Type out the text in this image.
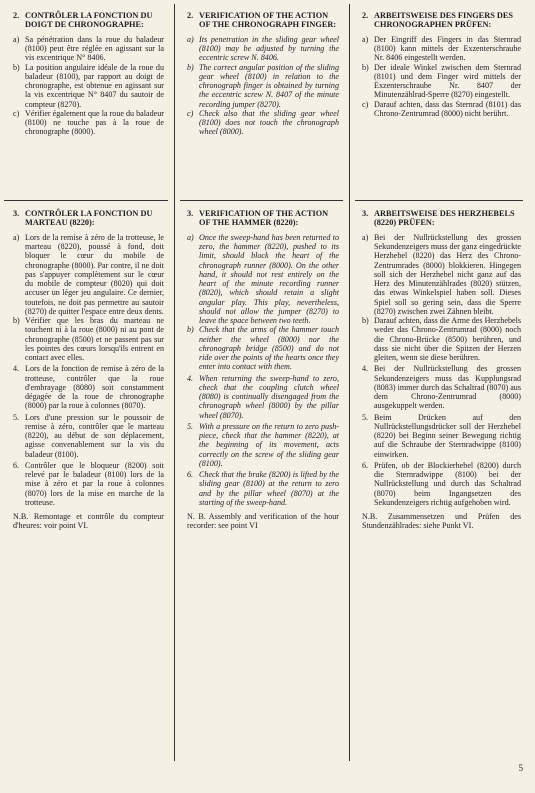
2. CONTRÔLER LA FONCTION DU DOIGT DE CHRONOGRAPHE:
a) Sa pénétration dans la roue du baladeur (8100) peut être réglée en agissant sur la vis excentrique N° 8406.
b) La position angulaire idéale de la roue du baladeur (8100), par rapport au doigt de chronographe, est obtenue en agissant sur la vis excentrique N° 8407 du sautoir de compteur (8270).
c) Vérifier également que la roue du baladeur (8100) ne touche pas à la roue de chronographe (8000).
3. CONTRÔLER LA FONCTION DU MARTEAU (8220):
a) Lors de la remise à zéro de la trotteuse, le marteau (8220), poussé à fond, doit bloquer le cœur du mobile de chronographe (8000). Par contre, il ne doit pas s'appuyer complètement sur le cœur du mobile de compteur (8020) qui doit accuser un léger jeu angulaire. Ce dernier, toutefois, ne doit pas permettre au sautoir (8270) de quitter l'espace entre deux dents.
b) Vérifier que les bras du marteau ne touchent ni à la roue (8000) ni au pont de chronographe (8500) et ne passent pas sur les pointes des cœurs lorsqu'ils entrent en contact avec elles.
4. Lors de la fonction de remise à zéro de la trotteuse, contrôler que la roue d'embrayage (8080) soit constamment dégagée de la roue de chronographe (8000) par la roue à colonnes (8070).
5. Lors d'une pression sur le poussoir de remise à zéro, contrôler que le marteau (8220), au début de son déplacement, agisse convenablement sur la vis du baladeur (8100).
6. Contrôler que le bloqueur (8200) soit relevé par le baladeur (8100) lors de la mise à zéro et par la roue à colonnes (8070) lors de la mise en marche de la trotteuse.
N.B. Remontage et contrôle du compteur d'heures: voir point VI.
2. VERIFICATION OF THE ACTION OF THE CHRONOGRAPH FINGER:
a) Its penetration in the sliding gear wheel (8100) may be adjusted by turning the eccentric screw N. 8406.
b) The correct angular position of the sliding gear wheel (8100) in relation to the chronograph finger is obtained by turning the eccentric screw N. 8407 of the minute recording jumper (8270).
c) Check also that the sliding gear wheel (8100) does not touch the chronograph wheel (8000).
3. VERIFICATION OF THE ACTION OF THE HAMMER (8220):
a) Once the sweep-hand has been returned to zero, the hammer (8220), pushed to its limit, should block the heart of the chronograph runner (8000). On the other hand, it should not rest entirely on the heart of the minute recording runner (8020), which should retain a slight angular play. This play, nevertheless, should not allow the jumper (8270) to leave the space between two teeth.
b) Check that the arms of the hammer touch neither the wheel (8000) nor the chronograph bridge (8500) and do not ride over the points of the hearts once they enter into contact with them.
4. When returning the sweep-hand to zero, check that the coupling clutch wheel (8080) is continually disengaged from the chronograph wheel (8000) by the pillar wheel (8070).
5. With a pressure on the return to zero push-piece, check that the hammer (8220), at the beginning of its movement, acts correctly on the screw of the sliding gear (8100).
6. Check that the brake (8200) is lifted by the sliding gear (8100) at the return to zero and by the pillar wheel (8070) at the starting of the sweep-hand.
N. B. Assembly and verification of the hour recorder: see point VI
2. ARBEITSWEISE DES FINGERS DES CHRONOGRAPHEN PRÜFEN:
a) Der Eingriff des Fingers in das Sternrad (8100) kann mittels der Exzenterschraube Nr. 8406 eingestellt werden.
b) Der ideale Winkel zwischen dem Sternrad (8101) und dem Finger wird mittels der Exzenterschraube Nr. 8407 der Minutenzählrad-Sperre (8270) eingestellt.
c) Darauf achten, dass das Sternrad (8101) das Chrono-Zentrumrad (8000) nicht berührt.
3. ARBEITSWEISE DES HERZHEBELS (8220) PRÜFEN:
a) Bei der Nullrückstellung des grossen Sekundenzeigers muss der ganz eingedrückte Herzhebel (8220) das Herz des Chrono-Zentrumrades (8000) blokkieren. Hingegen soll sich der Herzhebel nicht ganz auf das Herz des Minutenzählrades (8020) stützen, das etwas Winkelspiel haben soll. Dieses Spiel soll so gering sein, dass die Sperre (8270) zwischen zwei Zähnen bleibt.
b) Darauf achten, dass die Arme des Herzhebels weder das Chrono-Zentrumrad (8000) noch die Chrono-Brücke (8500) berühren, und dass sie nicht über die Spitzen der Herzen gleiten, wenn sie diese berühren.
4. Bei der Nullrückstellung des grossen Sekundenzeigers muss das Kupplungsrad (8083) immer durch das Schaltrad (8070) aus dem Chrono-Zentrumrad (8000) ausgekuppelt werden.
5. Beim Drücken auf den Nullrückstellungsdrücker soll der Herzhebel (8220) bei Beginn seiner Bewegung richtig auf die Schraube der Sternradwippe (8100) einwirken.
6. Prüfen, ob der Blockierhebel (8200) durch die Sternradwippe (8100) bei der Nullrückstellung und durch das Schaltrad (8070) beim Ingangsetzen des Sekundenzeigers richtig aufgehoben wird.
N.B. Zusammensetzen und Prüfen des Stundenzählrades: siehe Punkt VI.
5
